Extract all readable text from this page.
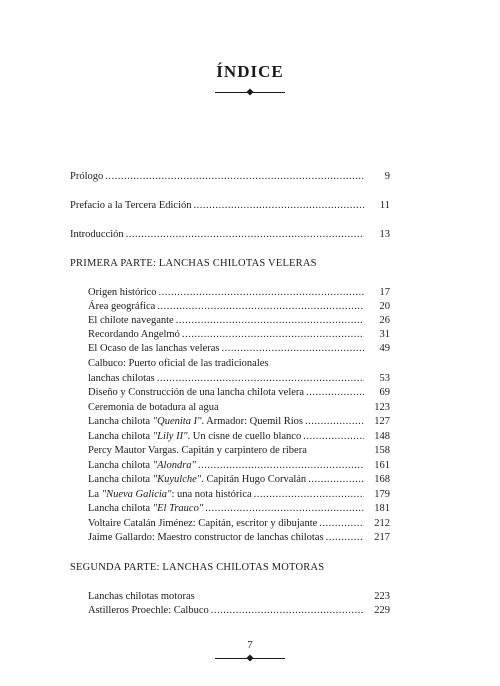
ÍNDICE
Prólogo .....	9
Prefacio a la Tercera Edición .....	11
Introducción .....	13
PRIMERA PARTE: LANCHAS CHILOTAS VELERAS
Origen histórico .....	17
Área geográfica .....	20
El chilote navegante .....	26
Recordando Angelmó .....	31
El Ocaso de las lanchas veleras .....	49
Calbuco: Puerto oficial de las tradicionales
lanchas chilotas .....	53
Diseño y Construcción de una lancha chilota velera .....	69
Ceremonia de botadura al agua	123
Lancha chilota "Quenita I". Armador: Quemil Ríos .....	127
Lancha chilota "Lily II". Un cisne de cuello blanco .....	148
Percy Mautor Vargas. Capitán y carpintero de ribera	158
Lancha chilota "Alondra" .....	161
Lancha chilota "Kuyulche". Capitán Hugo Corvalán .....	168
La "Nueva Galicia": una nota histórica .....	179
Lancha chilota "El Trauco" .....	181
Voltaire Catalán Jiménez: Capitán, escritor y dibujante .....	212
Jaime Gallardo: Maestro constructor de lanchas chilotas .....	217
SEGUNDA PARTE: LANCHAS CHILOTAS MOTORAS
Lanchas chilotas motoras	223
Astilleros Proechle: Calbuco .....	229
7
